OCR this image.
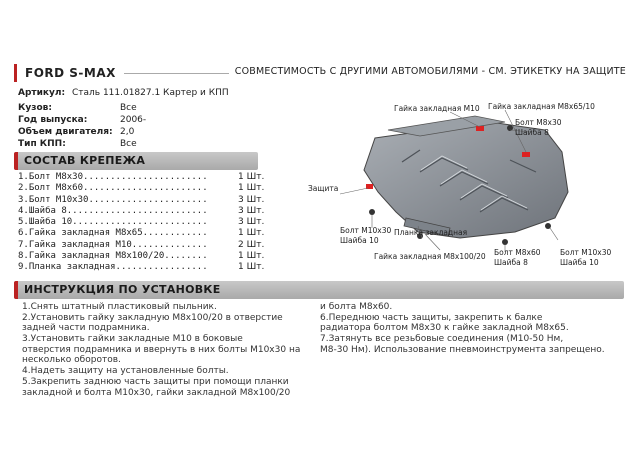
FORD S-MAX	СОВМЕСТИМОСТЬ С ДРУГИМИ АВТОМОБИЛЯМИ - СМ. ЭТИКЕТКУ НА ЗАЩИТЕ
Артикул: Сталь 111.01827.1 Картер и КПП
Кузов:	Все
Год выпуска:	2006-
Объем двигателя: 2,0
Тип КПП:	Все
СОСТАВ КРЕПЕЖА
1.Болт М8х30.......................	1 Шт.
2.Болт М8х60.......................	1 Шт.
3.Болт М10х30......................	3 Шт.
4.Шайба 8..........................	3 Шт.
5.Шайба 10.........................	3 Шт.
6.Гайка закладная М8х65............	1 Шт.
7.Гайка закладная М10..............	2 Шт.
8.Гайка закладная М8х100/20........	1 Шт.
9.Планка закладная.................	1 Шт.
Гайка закладная М10 Гайка закладная М8х65/10
Болт М8х30
Шайба 8
Защита
Болт М10х30
Шайба 10
Планка закладная
Гайка закладная М8х100/20 Болт М8х60
Шайба 8
Болт М10х30
Шайба 10
ИНСТРУКЦИЯ ПО УСТАНОВКЕ
1.Снять штатный пластиковый пыльник.
2.Установить гайку закладную М8х100/20 в отверстие
задней части подрамника.
3.Установить гайки закладные М10 в боковые
отверстия подрамника и ввернуть в них болты М10х30 на
несколько оборотов.
4.Надеть защиту на установленные болты.
5.Закрепить заднюю часть защиты при помощи планки
закладной и болта М10х30, гайки закладной М8х100/20
и болта М8х60.
6.Переднюю часть защиты, закрепить к балке
радиатора болтом М8х30 к гайке закладной М8х65.
7.Затянуть все резьбовые соединения (М10-50 Нм,
М8-30 Нм). Использование пневмоинструмента запрещено.
